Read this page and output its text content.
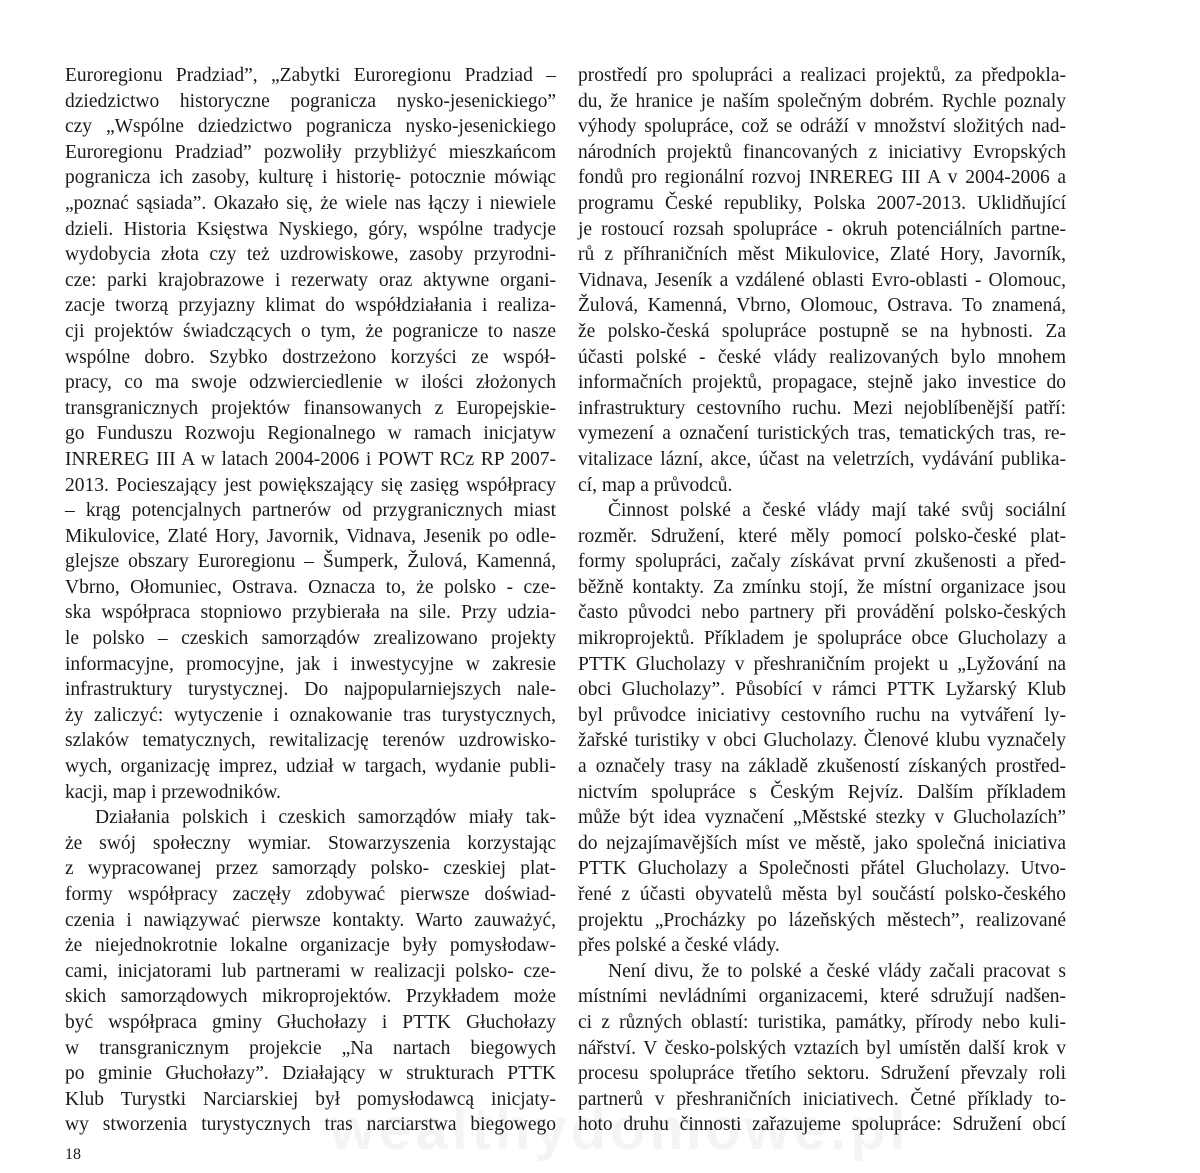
Euroregionu Pradziad”, „Zabytki Euroregionu Pradziad –
dziedzictwo historyczne pogranicza nysko-jesenickiego”
czy „Wspólne dziedzictwo pogranicza nysko-jesenickiego
Euroregionu Pradziad” pozwoliły przybliżyć mieszkańcom
pogranicza ich zasoby, kulturę i historię- potocznie mówiąc
„poznać sąsiada”. Okazało się, że wiele nas łączy i niewiele
dzieli. Historia Księstwa Nyskiego, góry, wspólne tradycje
wydobycia złota czy też uzdrowiskowe, zasoby przyrodni-
cze: parki krajobrazowe i rezerwaty oraz aktywne organi-
zacje tworzą przyjazny klimat do współdziałania i realiza-
cji projektów świadczących o tym, że pogranicze to nasze
wspólne dobro. Szybko dostrzeżono korzyści ze współ-
pracy, co ma swoje odzwierciedlenie w ilości złożonych
transgranicznych projektów finansowanych z Europejskie-
go Funduszu Rozwoju Regionalnego w ramach inicjatyw
INREREG III A w latach 2004-2006 i POWT RCz RP 2007-
2013. Pocieszający jest powiększający się zasięg współpracy
– krąg potencjalnych partnerów od przygranicznych miast
Mikulovice, Zlaté Hory, Javornik, Vidnava, Jesenik po odle-
glejsze obszary Euroregionu – Šumperk, Žulová, Kamenná,
Vbrno, Ołomuniec, Ostrava. Oznacza to, że polsko - cze-
ska współpraca stopniowo przybierała na sile. Przy udzia-
le polsko – czeskich samorządów zrealizowano projekty
informacyjne, promocyjne, jak i inwestycyjne w zakresie
infrastruktury turystycznej. Do najpopularniejszych nale-
ży zaliczyć: wytyczenie i oznakowanie tras turystycznych,
szlaków tematycznych, rewitalizację terenów uzdrowisko-
wych, organizację imprez, udział w targach, wydanie publi-
kacji, map i przewodników.
Działania polskich i czeskich samorządów miały tak-
że swój społeczny wymiar. Stowarzyszenia korzystając
z wypracowanej przez samorządy polsko- czeskiej plat-
formy współpracy zaczęły zdobywać pierwsze doświad-
czenia i nawiązywać pierwsze kontakty. Warto zauważyć,
że niejednokrotnie lokalne organizacje były pomysłodaw-
cami, inicjatorami lub partnerami w realizacji polsko- cze-
skich samorządowych mikroprojektów. Przykładem może
być współpraca gminy Głuchołazy i PTTK Głuchołazy
w transgranicznym projekcie „Na nartach biegowych
po gminie Głuchołazy”. Działający w strukturach PTTK
Klub Turystki Narciarskiej był pomysłodawcą inicjaty-
wy stworzenia turystycznych tras narciarstwa biegowego
prostředí pro spolupráci a realizaci projektů, za předpokla-
du, že hranice je naším společným dobrém. Rychle poznaly
výhody spolupráce, což se odráží v množství složitých nad-
národních projektů financovaných z iniciativy Evropských
fondů pro regionální rozvoj INREREG III A v 2004-2006 a
programu České republiky, Polska 2007-2013. Uklidňující
je rostoucí rozsah spolupráce - okruh potenciálních partne-
rů z příhraničních měst Mikulovice, Zlaté Hory, Javorník,
Vidnava, Jeseník a vzdálené oblasti Evro-oblasti - Olomouc,
Žulová, Kamenná, Vbrno, Olomouc, Ostrava. To znamená,
že polsko-česká spolupráce postupně se na hybnosti. Za
účasti polské - české vlády realizovaných bylo mnohem
informačních projektů, propagace, stejně jako investice do
infrastruktury cestovního ruchu. Mezi nejoblíbenější patří:
vymezení a označení turistických tras, tematických tras, re-
vitalizace lázní, akce, účast na veletrzích, vydávání publika-
cí, map a průvodců.
Činnost polské a české vlády mají také svůj sociální
rozměr. Sdružení, které měly pomocí polsko-české plat-
formy spolupráci, začaly získávat první zkušenosti a před-
běžně kontakty. Za zmínku stojí, že místní organizace jsou
často původci nebo partnery při provádění polsko-českých
mikroprojektů. Příkladem je spolupráce obce Glucholazy a
PTTK Glucholazy v přeshraničním projekt u „Lyžování na
obci Glucholazy”. Působící v rámci PTTK Lyžarský Klub
byl průvodce iniciativy cestovního ruchu na vytváření ly-
žařské turistiky v obci Glucholazy. Členové klubu vyznačely
a označely trasy na základě zkušeností získaných prostřed-
nictvím spolupráce s Českým Rejvíz. Dalším příkladem
může být idea vyznačení „Městské stezky v Glucholazích”
do nejzajímavějších míst ve městě, jako společná iniciativa
PTTK Glucholazy a Společnosti přátel Glucholazy. Utvo-
řené z účasti obyvatelů města byl součástí polsko-českého
projektu „Procházky po lázeňských městech”, realizované
přes polské a české vlády.
Není divu, že to polské a české vlády začali pracovat s
místními nevládními organizacemi, které sdružují nadšen-
ci z různých oblastí: turistika, památky, přírody nebo kuli-
nářství. V česko-polských vztazích byl umístěn další krok v
procesu spolupráce třetího sektoru. Sdružení převzaly roli
partnerů v přeshraničních iniciativech. Četné příklady to-
hoto druhu činnosti zařazujeme spolupráce: Sdružení obcí
18
